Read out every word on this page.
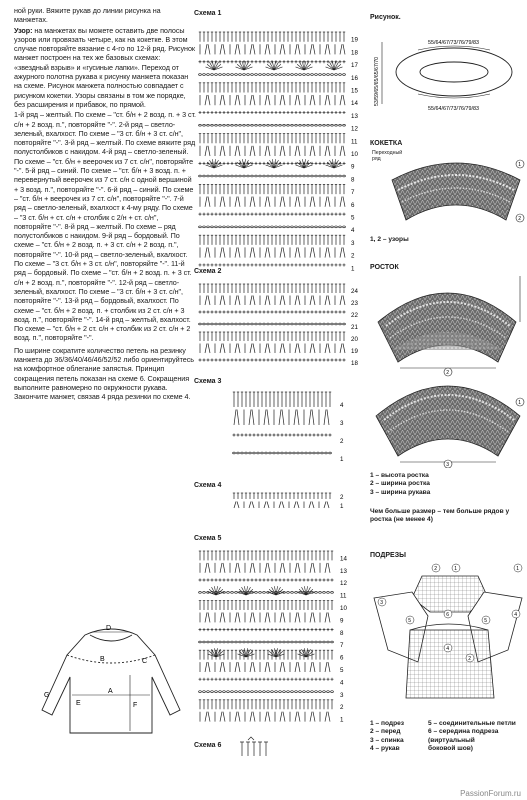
ной руки. Вяжите рукав до линии рисунка на манжетах.

Узор: на манжетах вы можете оставить две полосы узоров или провязать четыре, как на кокетке. В этом случае повторяйте вязание с 4-го по 12-й ряд. Рисунок манжет построен на тех же базовых схемах: «звездный взрыв» и «гусиные лапки». Переход от ажурного полотна рукава к рисунку манжета показан на схеме. Рисунок манжета полностью совпадает с рисунком кокетки. Узоры связаны в том же порядке, без расширения и прибавок, по прямой.

1-й ряд – желтый. По схеме – "ст. б/н + 2 возд. п. + 3 ст. с/н + 2 возд. п.", повторяйте "-". 2-й ряд – светло-зеленый, вхалхост. По схеме – "3 ст. б/н + 3 ст. с/н", повторяйте "-". 3-й ряд – желтый. По схеме вяжите ряд полустолбиков с накидом. 4-й ряд – светло-зеленый. По схеме – "ст. б/н + веерочек из 7 ст. с/н", повторяйте "-". 5-й ряд – синий. По схеме – "ст. б/н + 3 возд. п. + перевернутый веерочек из 7 ст. с/н с одной вершиной + 3 возд. п.", повторяйте "-". 6-й ряд – синий. По схеме – "ст. б/н + веерочек из 7 ст. с/н", повторяйте "-". 7-й ряд – светло-зеленый, вхалхост к 4-му ряду. По схеме – "3 ст. б/н + ст. с/н + столбик с 2/н + ст. с/н", повторяйте "-". 8-й ряд – желтый. По схеме – ряд полустолбиков с накидом. 9-й ряд – бордовый. По схеме – "ст. б/н + 2 возд. п. + 3 ст. с/н + 2 возд. п.", повторяйте "-". 10-й ряд – светло-зеленый, вхалхост. По схеме – "3 ст. б/н + 3 ст. с/н", повторяйте "-". 11-й ряд – бордовый. По схеме – "ст. б/н + 2 возд. п. + 3 ст. с/н + 2 возд. п.", повторяйте "-". 12-й ряд – светло-зеленый, вхалхост. По схеме – "3 ст. б/н + 3 ст. с/н", повторяйте "-". 13-й ряд – бордовый, вхалхост. По схеме – "ст. б/н + 2 возд. п. + столбик из 2 ст. с/н + 3 возд. п.", повторяйте "-". 14-й ряд – желтый, вхалхост. По схеме – "ст. б/н + 2 ст. с/н + столбик из 2 ст. с/н + 2 возд. п.", повторяйте "-".

По ширине сократите количество петель на резинку манжета до 36/36/40/46/46/52/52 либо ориентируйтесь на комфортное облегание запястья. Принцип сокращения петель показан на схеме 6. Сокращения выполните равномерно по окружности рукава. Закончите манжет, связав 4 ряда резинки по схеме 4.

D
B
A
C
G
E	F
Схема 1
19
18
17
16
15
14
13
12
11
10
9
8
7
6
5
4
3
2
1
Схема 2
24
23
22
21
20
19
18
Схема 3
4
3
2
1
Схема 4
2
1
Схема 5
14
13
12
11
10
9
8
7
6
5
4
3
2
1
Схема 6
Рисунок.
55/64/67/73/76/79/83
55/64/67/73/76/79/83
53/59/65/65/65/67/70
КОКЕТКА
Переходный ряд
1
2
1, 2 – узоры
РОСТОК
2
1
3
1 – высота ростка
2 – ширина ростка
3 – ширина рукава
Чем больше размер – тем больше рядов у ростка (не менее 4)
ПОДРЕЗЫ
1
2
3
4
5
6
5
2
1
4
1 – подрез
2 – перед
3 – спинка
4 – рукав
5 – соединительные петли
6 – середина подреза
(виртуальный
боковой шов)
PassionForum.ru
